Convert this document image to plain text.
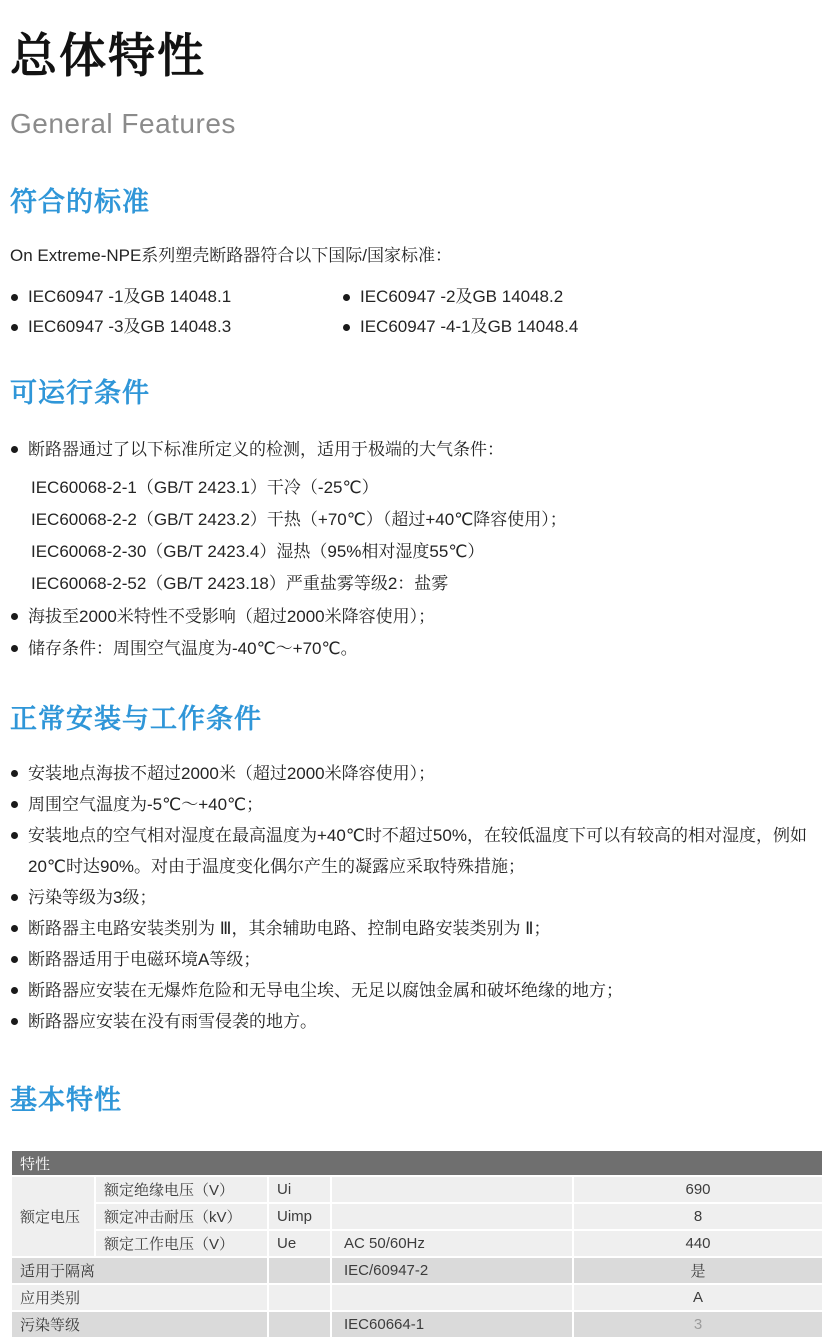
总体特性
General Features
符合的标准

On Extreme-NPE系列塑壳断路器符合以下国际/国家标准：

IEC60947 -1及GB 14048.1	IEC60947 -2及GB 14048.2
IEC60947 -3及GB 14048.3	IEC60947 -4-1及GB 14048.4
可运行条件
断路器通过了以下标准所定义的检测，适用于极端的大气条件：
IEC60068-2-1（GB/T 2423.1）干冷（-25℃）
IEC60068-2-2（GB/T 2423.2）干热（+70℃）（超过+40℃降容使用）；
IEC60068-2-30（GB/T 2423.4）湿热（95%相对湿度55℃）
IEC60068-2-52（GB/T 2423.18）严重盐雾等级2：盐雾
海拔至2000米特性不受影响（超过2000米降容使用）；
储存条件：周围空气温度为-40℃～+70℃。
正常安装与工作条件
安装地点海拔不超过2000米（超过2000米降容使用）；
周围空气温度为-5℃～+40℃；
安装地点的空气相对湿度在最高温度为+40℃时不超过50%，在较低温度下可以有较高的相对湿度，例如20℃时达90%。对由于温度变化偶尔产生的凝露应采取特殊措施；
污染等级为3级；
断路器主电路安装类别为 Ⅲ，其余辅助电路、控制电路安装类别为 Ⅱ；
断路器适用于电磁环境A等级；
断路器应安装在无爆炸危险和无导电尘埃、无足以腐蚀金属和破坏绝缘的地方；
断路器应安装在没有雨雪侵袭的地方。
基本特性
特性				
额定电压	额定绝缘电压（V）	Ui		690
	额定冲击耐压（kV）	Uimp		8
	额定工作电压（V）	Ue	AC 50/60Hz	440
适用于隔离			IEC/60947-2	是
应用类别				A
污染等级			IEC60664-1	3
